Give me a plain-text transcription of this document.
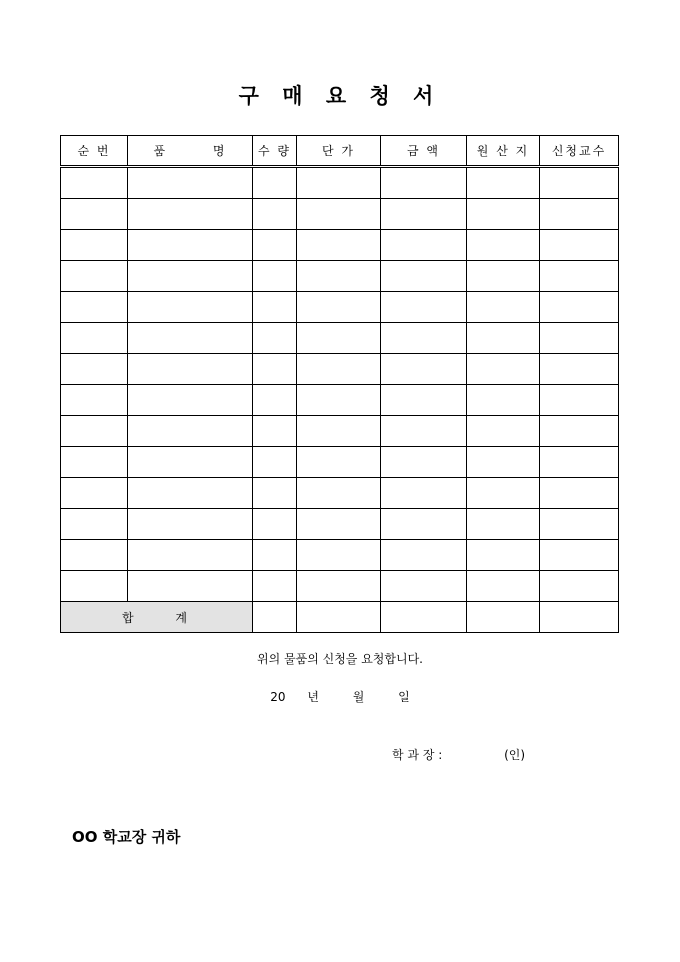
구 매 요 청 서
순 번	품 명	수 량	단 가	금 액	원 산 지	신청교수

합 계						
위의 물품의 신청을 요청합니다.
20 년	월	일
학 과 장 :	(인)
OO 학교장 귀하
